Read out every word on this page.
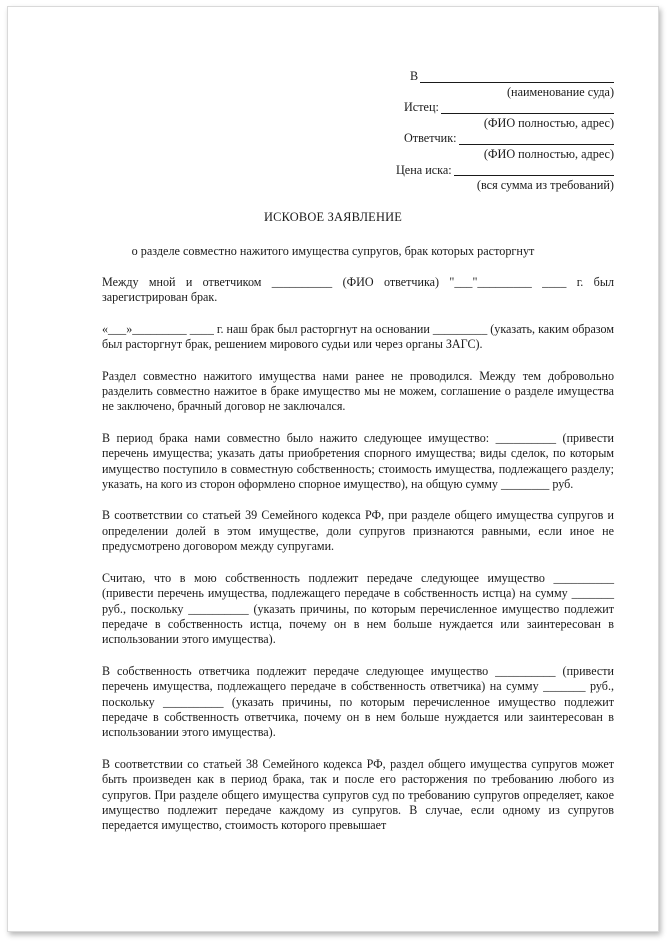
В
(наименование суда)
Истец:
(ФИО полностью, адрес)
Ответчик:
(ФИО полностью, адрес)
Цена иска:
(вся сумма из требований)
ИСКОВОЕ ЗАЯВЛЕНИЕ
о разделе совместно нажитого имущества супругов, брак которых расторгнут

Между мной и ответчиком __________ (ФИО ответчика) "___"_________ ____ г. был зарегистрирован брак.

«___»_________ ____ г. наш брак был расторгнут на основании _________ (указать, каким образом был расторгнут брак, решением мирового судьи или через органы ЗАГС).

Раздел совместно нажитого имущества нами ранее не проводился. Между тем добровольно разделить совместно нажитое в браке имущество мы не можем, соглашение о разделе имущества не заключено, брачный договор не заключался.

В период брака нами совместно было нажито следующее имущество: __________ (привести перечень имущества; указать даты приобретения спорного имущества; виды сделок, по которым имущество поступило в совместную собственность; стоимость имущества, подлежащего разделу; указать, на кого из сторон оформлено спорное имущество), на общую сумму ________ руб.

В соответствии со статьей 39 Семейного кодекса РФ, при разделе общего имущества супругов и определении долей в этом имуществе, доли супругов признаются равными, если иное не предусмотрено договором между супругами.

Считаю, что в мою собственность подлежит передаче следующее имущество __________ (привести перечень имущества, подлежащего передаче в собственность истца) на сумму _______ руб., поскольку __________ (указать причины, по которым перечисленное имущество подлежит передаче в собственность истца, почему он в нем больше нуждается или заинтересован в использовании этого имущества).

В собственность ответчика подлежит передаче следующее имущество __________ (привести перечень имущества, подлежащего передаче в собственность ответчика) на сумму _______ руб., поскольку __________ (указать причины, по которым перечисленное имущество подлежит передаче в собственность ответчика, почему он в нем больше нуждается или заинтересован в использовании этого имущества).

В соответствии со статьей 38 Семейного кодекса РФ, раздел общего имущества супругов может быть произведен как в период брака, так и после его расторжения по требованию любого из супругов. При разделе общего имущества супругов суд по требованию супругов определяет, какое имущество подлежит передаче каждому из супругов. В случае, если одному из супругов передается имущество, стоимость которого превышает
